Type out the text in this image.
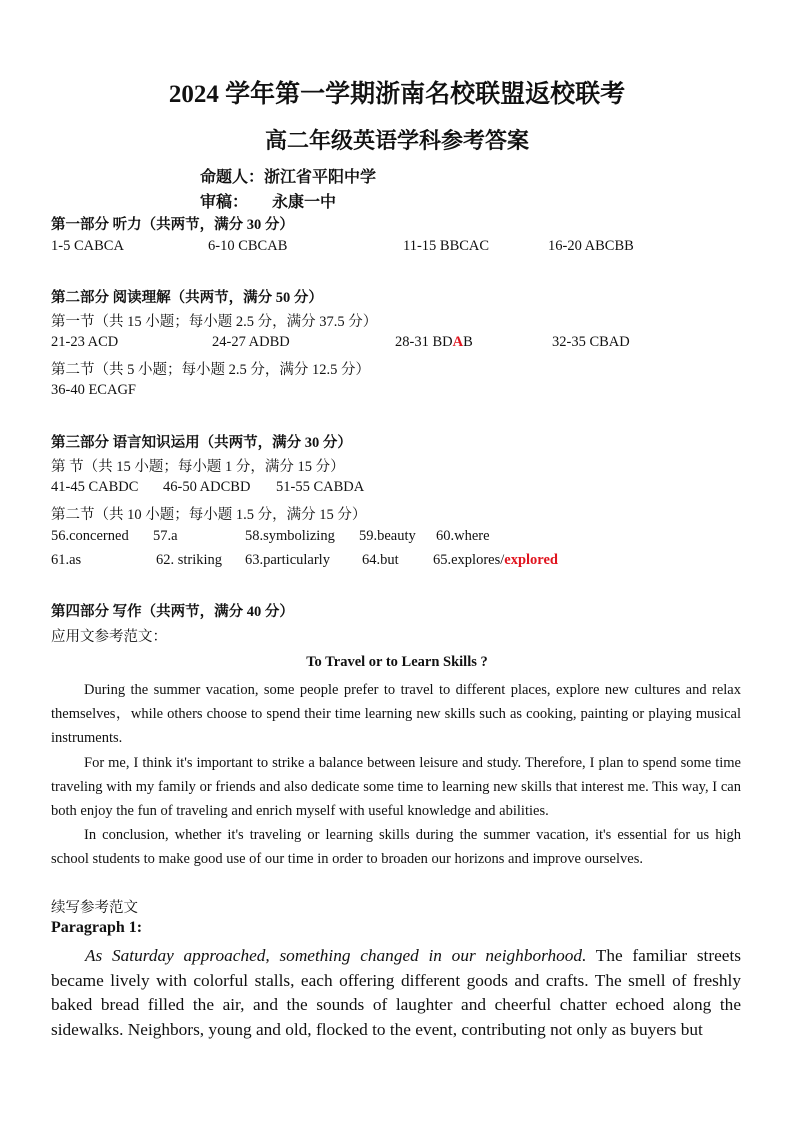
2024 学年第一学期浙南名校联盟返校联考
高二年级英语学科参考答案
命题人：浙江省平阳中学
审稿： 永康一中
第一部分 听力（共两节，满分 30 分）
1-5 CABCA	6-10 CBCAB	11-15 BBCAC	16-20 ABCBB
第二部分 阅读理解（共两节，满分 50 分）
第一节（共 15 小题；每小题 2.5 分，满分 37.5 分）
21-23 ACD	24-27 ADBD	28-31 BDAB	32-35 CBAD
第二节（共 5 小题；每小题 2.5 分，满分 12.5 分）
36-40 ECAGF
第三部分 语言知识运用（共两节，满分 30 分）
第 节（共 15 小题；每小题 1 分，满分 15 分）
41-45 CABDC 46-50 ADCBD 51-55 CABDA
第二节（共 10 小题；每小题 1.5 分，满分 15 分）
56.concerned 57.a	58.symbolizing 59.beauty 60.where
61.as	62. striking 63.particularly 64.but 65.explores/explored
第四部分 写作（共两节，满分 40 分）
应用文参考范文：
To Travel or to Learn Skills ?

During the summer vacation, some people prefer to travel to different places, explore new cultures and relax themselves，while others choose to spend their time learning new skills such as cooking, painting or playing musical instruments.

For me, I think it's important to strike a balance between leisure and study. Therefore, I plan to spend some time traveling with my family or friends and also dedicate some time to learning new skills that interest me. This way, I can both enjoy the fun of traveling and enrich myself with useful knowledge and abilities.

In conclusion, whether it's traveling or learning skills during the summer vacation, it's essential for us high school students to make good use of our time in order to broaden our horizons and improve ourselves.

续写参考范文
Paragraph 1:

As Saturday approached, something changed in our neighborhood. The familiar streets became lively with colorful stalls, each offering different goods and crafts. The smell of freshly baked bread filled the air, and the sounds of laughter and cheerful chatter echoed along the sidewalks. Neighbors, young and old, flocked to the event, contributing not only as buyers but
